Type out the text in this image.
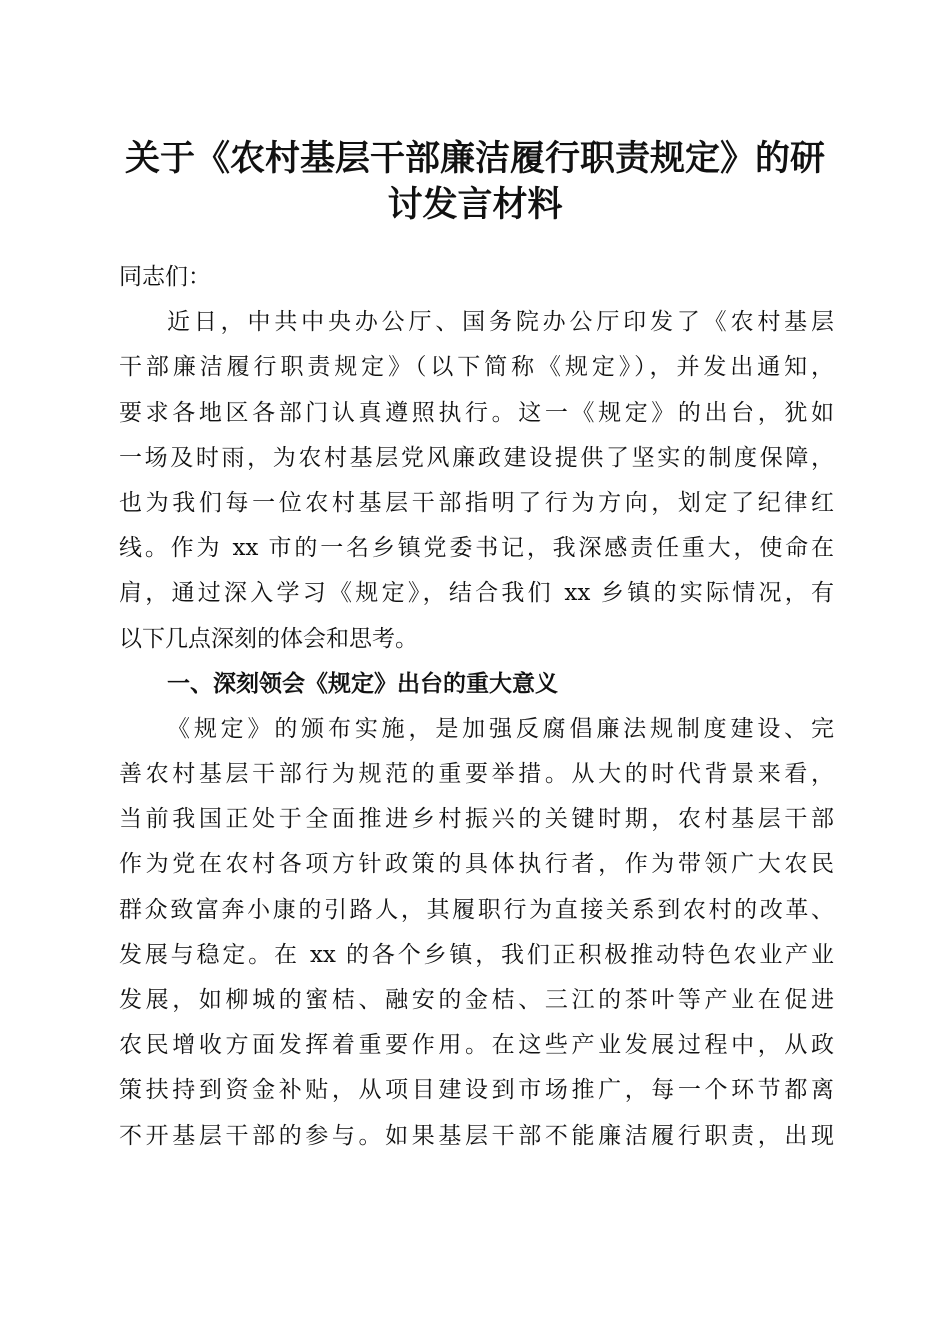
关于《农村基层干部廉洁履行职责规定》的研
讨发言材料
同志们：
近日，中共中央办公厅、国务院办公厅印发了《农村基层
干部廉洁履行职责规定》（以下简称《规定》），并发出通知，
要求各地区各部门认真遵照执行。这一《规定》的出台，犹如
一场及时雨，为农村基层党风廉政建设提供了坚实的制度保障，
也为我们每一位农村基层干部指明了行为方向，划定了纪律红
线。作为 xx 市的一名乡镇党委书记，我深感责任重大，使命在
肩，通过深入学习《规定》，结合我们 xx 乡镇的实际情况，有
以下几点深刻的体会和思考。
一、深刻领会《规定》出台的重大意义
《规定》的颁布实施，是加强反腐倡廉法规制度建设、完
善农村基层干部行为规范的重要举措。从大的时代背景来看，
当前我国正处于全面推进乡村振兴的关键时期，农村基层干部
作为党在农村各项方针政策的具体执行者，作为带领广大农民
群众致富奔小康的引路人，其履职行为直接关系到农村的改革、
发展与稳定。在 xx 的各个乡镇，我们正积极推动特色农业产业
发展，如柳城的蜜桔、融安的金桔、三江的茶叶等产业在促进
农民增收方面发挥着重要作用。在这些产业发展过程中，从政
策扶持到资金补贴，从项目建设到市场推广，每一个环节都离
不开基层干部的参与。如果基层干部不能廉洁履行职责，出现
